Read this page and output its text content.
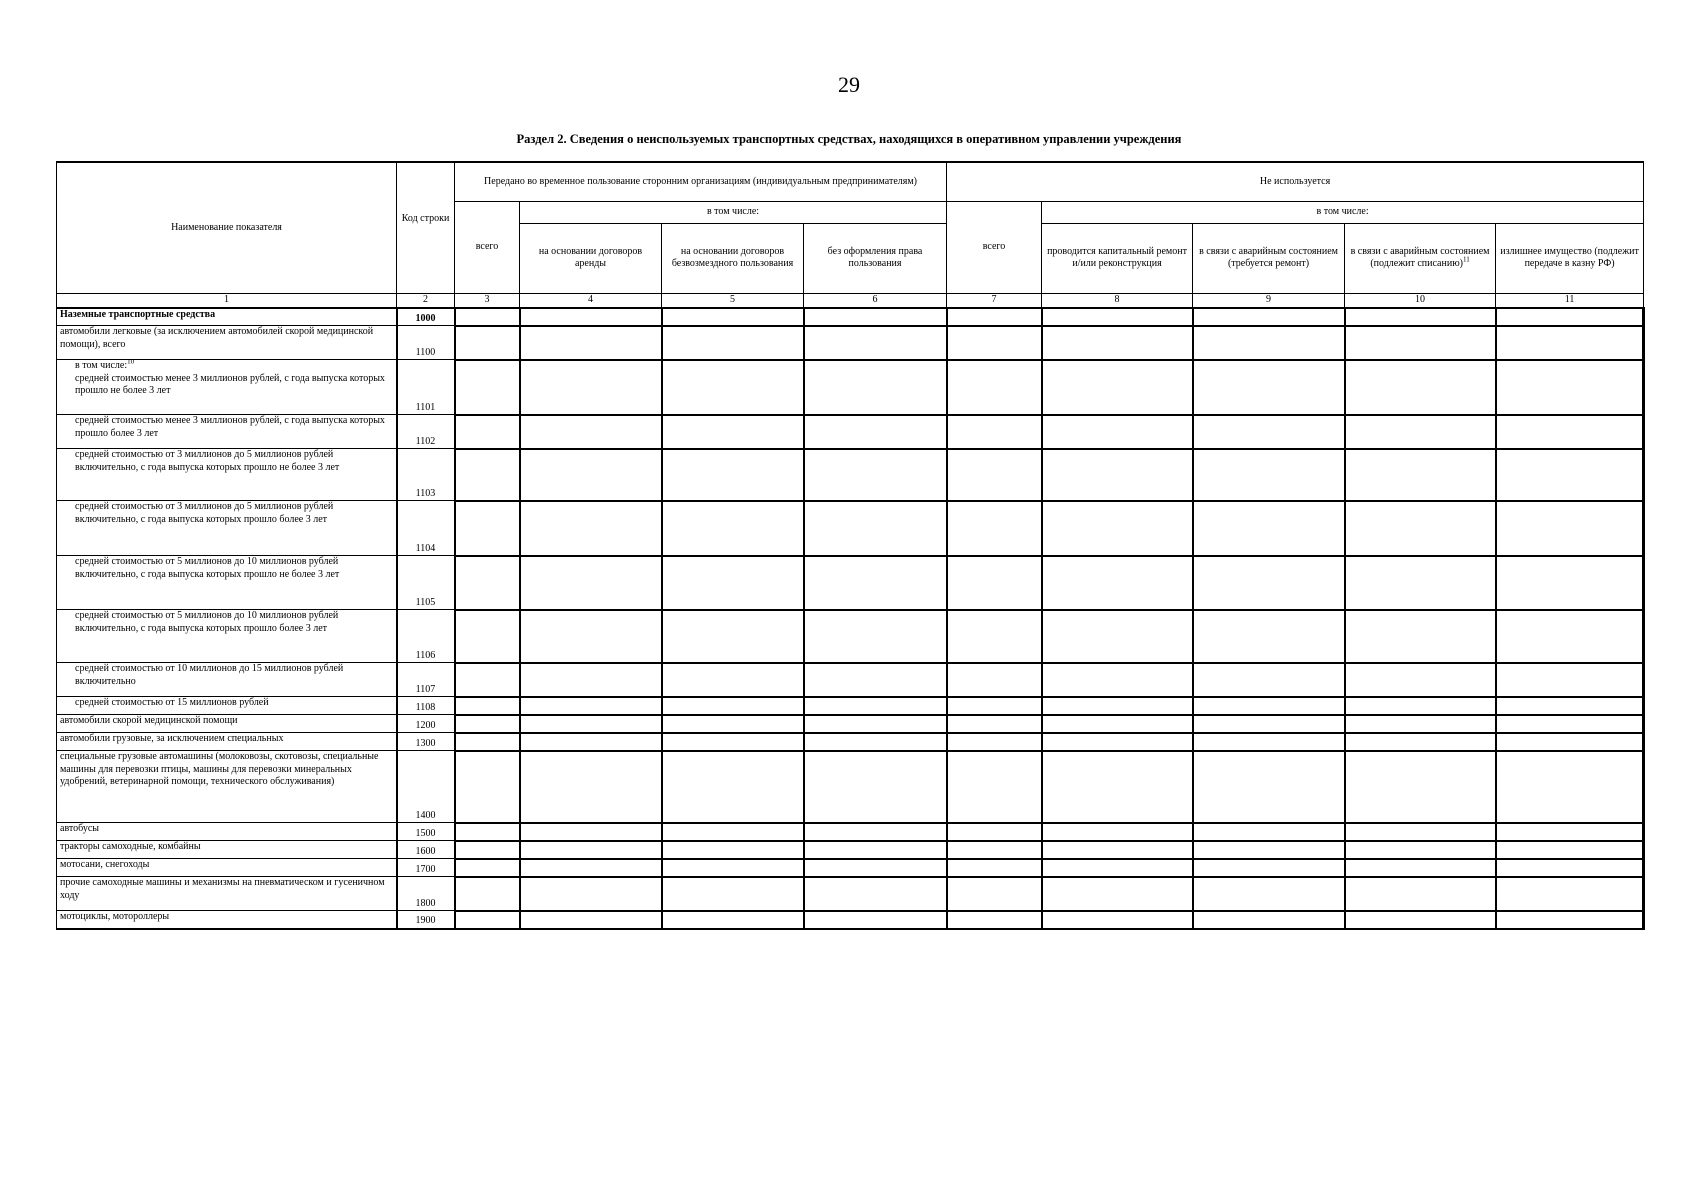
29
Раздел 2. Сведения о неиспользуемых транспортных средствах, находящихся в оперативном управлении учреждения
Наименование показателя	Код строки	Передано во временное пользование сторонним организациям (индивидуальным предпринимателям)				Не используется				
		всего	в том числе:			всего	в том числе:			
			на основании договоров аренды	на основании договоров безвозмездного пользования	без оформления права пользования		проводится капитальный ремонт и/или реконструкция	в связи с аварийным состоянием (требуется ремонт)	в связи с аварийным состоянием (подлежит списанию)$^{11}$	излишнее имущество (подлежит передаче в казну РФ)
1	2	3	4	5	6	7	8	9	10	11
Наземные транспортные средства	1000									
автомобили легковые (за исключением автомобилей скорой медицинской помощи), всего	1100									

в том числе:$^{10}$
средней стоимостью менее 3 миллионов рублей, с года выпуска которых прошло не более 3 лет	1101									
средней стоимостью менее 3 миллионов рублей, с года выпуска которых прошло более 3 лет	1102									
средней стоимостью от 3 миллионов до 5 миллионов рублей включительно, с года выпуска которых прошло не более 3 лет	1103									
средней стоимостью от 3 миллионов до 5 миллионов рублей включительно, с года выпуска которых прошло более 3 лет	1104									
средней стоимостью от 5 миллионов до 10 миллионов рублей включительно, с года выпуска которых прошло не более 3 лет	1105									
средней стоимостью от 5 миллионов до 10 миллионов рублей включительно, с года выпуска которых прошло более 3 лет	1106									
средней стоимостью от 10 миллионов до 15 миллионов рублей включительно	1107									
средней стоимостью от 15 миллионов рублей	1108									
автомобили скорой медицинской помощи	1200									
автомобили грузовые, за исключением специальных	1300									
специальные грузовые автомашины (молоковозы, скотовозы, специальные машины для перевозки птицы, машины для перевозки минеральных удобрений, ветеринарной помощи, технического обслуживания)	1400									
автобусы	1500									
тракторы самоходные, комбайны	1600									
мотосани, снегоходы	1700									
прочие самоходные машины и механизмы на пневматическом и гусеничном ходу	1800									
мотоциклы, мотороллеры	1900									
